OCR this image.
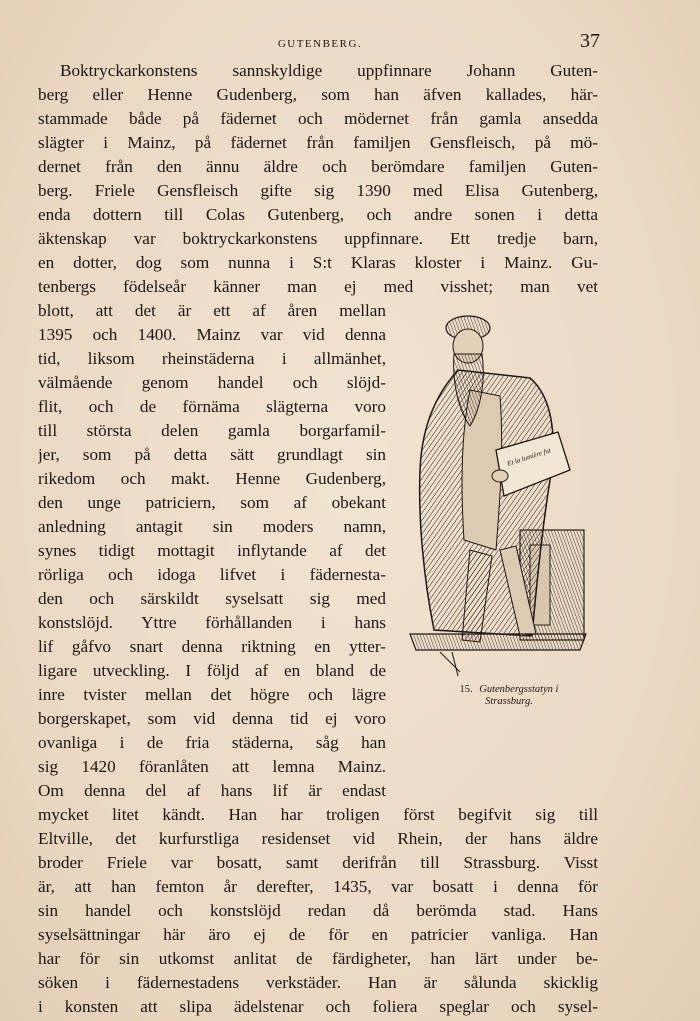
GUTENBERG.	37
Boktryckarkonstens sannskyldige uppfinnare Johann Guten-
berg eller Henne Gudenberg, som han äfven kallades, här-
stammade både på fädernet och mödernet från gamla ansedda
slägter i Mainz, på fädernet från familjen Gensfleisch, på mö-
dernet från den ännu äldre och berömdare familjen Guten-
berg. Friele Gensfleisch gifte sig 1390 med Elisa Gutenberg,
enda dottern till Colas Gutenberg, och andre sonen i detta
äktenskap var boktryckarkonstens uppfinnare. Ett tredje barn,
en dotter, dog som nunna i S:t Klaras kloster i Mainz. Gu-
tenbergs födelseår känner man ej med visshet; man vet
blott, att det är ett af åren mellan
1395 och 1400. Mainz var vid denna
tid, liksom rheinstäderna i allmänhet,
välmående genom handel och slöjd-
flit, och de förnäma slägterna voro
till största delen gamla borgarfamil-
jer, som på detta sätt grundlagt sin
rikedom och makt. Henne Gudenberg,
den unge patriciern, som af obekant
anledning antagit sin moders namn,
synes tidigt mottagit inflytande af det
rörliga och idoga lifvet i fädernesta-
den och särskildt syselsatt sig med
konstslöjd. Yttre förhållanden i hans
lif gåfvo snart denna riktning en ytter-
ligare utveckling. I följd af en bland de
inre tvister mellan det högre och lägre
borgerskapet, som vid denna tid ej voro
ovanliga i de fria städerna, såg han
sig 1420 föranlåten att lemna Mainz.
Om denna del af hans lif är endast
mycket litet kändt. Han har troligen först begifvit sig till
Eltville, det kurfurstliga residenset vid Rhein, der hans äldre
broder Friele var bosatt, samt derifrån till Strassburg. Visst
är, att han femton år derefter, 1435, var bosatt i denna för
sin handel och konstslöjd redan då berömda stad. Hans
syselsättningar här äro ej de för en patricier vanliga. Han
har för sin utkomst anlitat de färdigheter, han lärt under be-
söken i fädernestadens verkstäder. Han är sålunda skicklig
i konsten att slipa ädelstenar och foliera speglar och sysel-
Et la lumière fut
15. Gutenbergsstatyn i
Strassburg.
